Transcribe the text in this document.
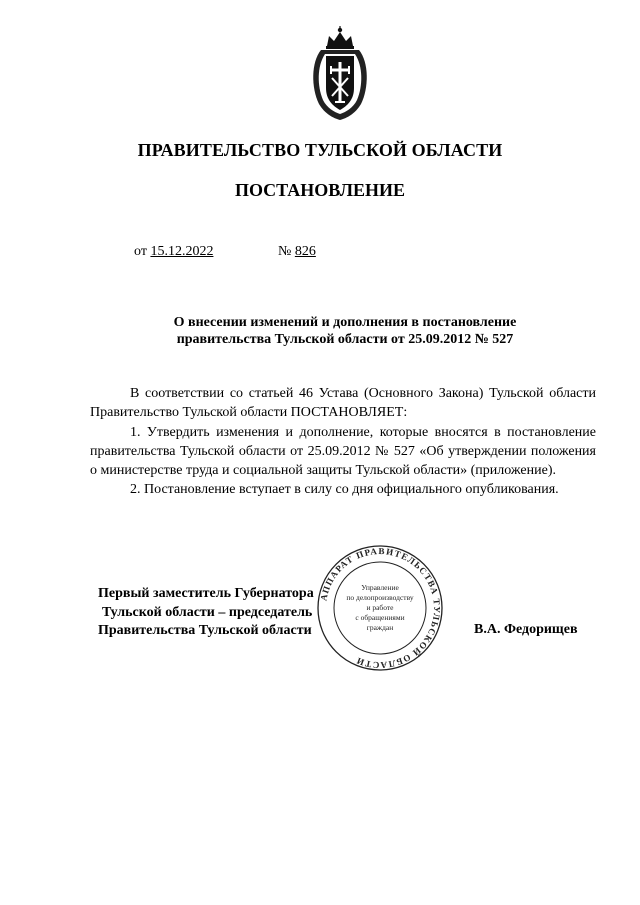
ПРАВИТЕЛЬСТВО ТУЛЬСКОЙ ОБЛАСТИ
ПОСТАНОВЛЕНИЕ
от 15.12.2022	№ 826
О внесении изменений и дополнения в постановление
правительства Тульской области от 25.09.2012 № 527

В соответствии со статьей 46 Устава (Основного Закона) Тульской области Правительство Тульской области ПОСТАНОВЛЯЕТ:

1. Утвердить изменения и дополнение, которые вносятся в постановление правительства Тульской области от 25.09.2012 № 527 «Об утверждении положения о министерстве труда и социальной защиты Тульской области» (приложение).

2. Постановление вступает в силу со дня официального опубликования.

Первый заместитель Губернатора
Тульской области – председатель
Правительства Тульской области
АППАРАТ ПРАВИТЕЛЬСТВА ТУЛЬСКОЙ ОБЛАСТИ
Управление
по делопроизводству
и работе
с обращениями
граждан	В.А. Федорищев
